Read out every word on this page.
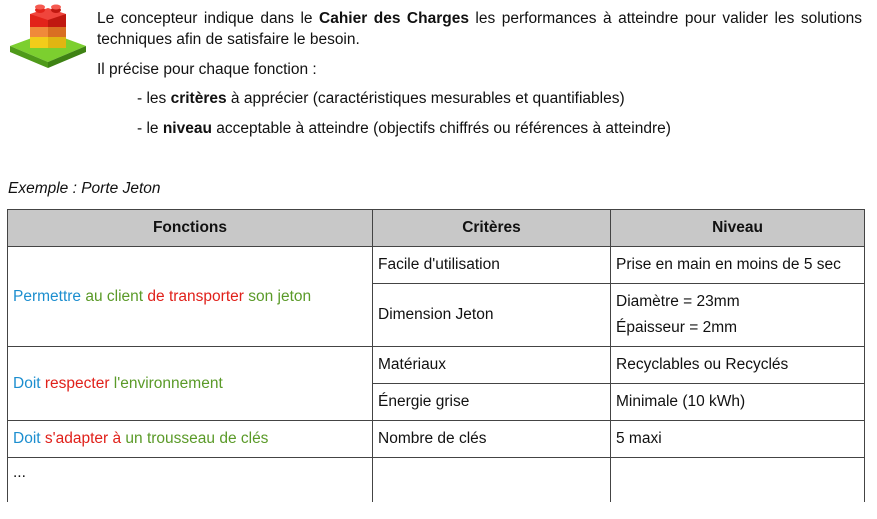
Le concepteur indique dans le Cahier des Charges les performances à atteindre pour valider les solutions techniques afin de satisfaire le besoin.

Il précise pour chaque fonction :
- les critères à apprécier (caractéristiques mesurables et quantifiables)
- le niveau acceptable à atteindre (objectifs chiffrés ou références à atteindre)
Exemple : Porte Jeton
Fonctions	Critères	Niveau
Permettre au client de transporter son jeton	Facile d'utilisation	Prise en main en moins de 5 sec
	Dimension Jeton	Diamètre = 23mm
Épaisseur = 2mm
Doit respecter l'environnement	Matériaux	Recyclables ou Recyclés
	Énergie grise	Minimale (10 kWh)
Doit s'adapter à un trousseau de clés	Nombre de clés	5 maxi
...		
